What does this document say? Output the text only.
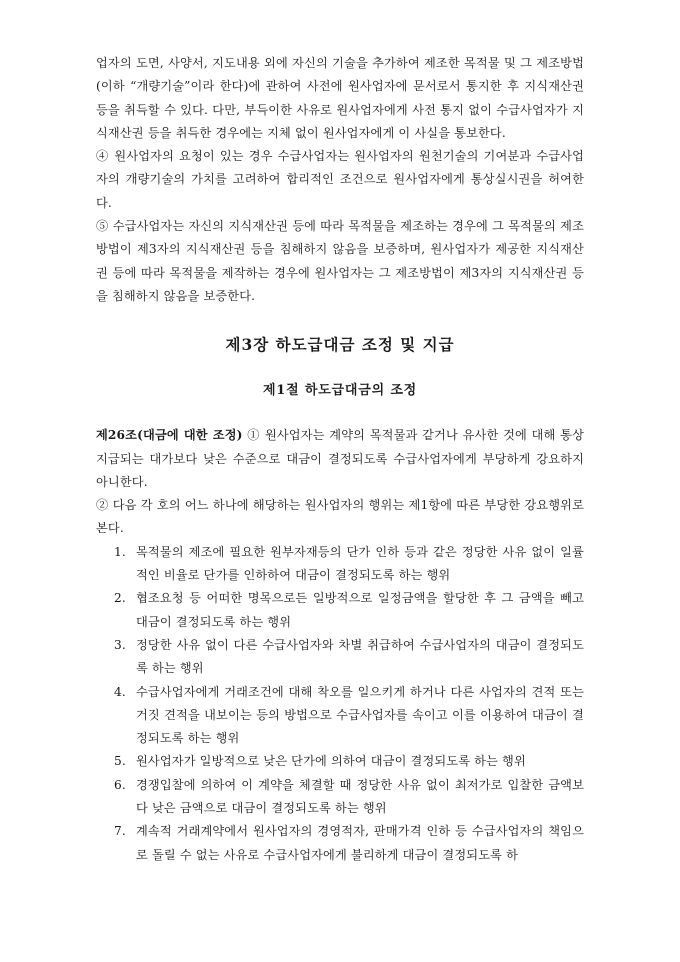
업자의 도면, 사양서, 지도내용 외에 자신의 기술을 추가하여 제조한 목적물 및 그 제조방법(이하 “개량기술”이라 한다)에 관하여 사전에 원사업자에 문서로서 통지한 후 지식재산권 등을 취득할 수 있다. 다만, 부득이한 사유로 원사업자에게 사전 통지 없이 수급사업자가 지식재산권 등을 취득한 경우에는 지체 없이 원사업자에게 이 사실을 통보한다.

④ 원사업자의 요청이 있는 경우 수급사업자는 원사업자의 원천기술의 기여분과 수급사업자의 개량기술의 가치를 고려하여 합리적인 조건으로 원사업자에게 통상실시권을 허여한다.

⑤ 수급사업자는 자신의 지식재산권 등에 따라 목적물을 제조하는 경우에 그 목적물의 제조방법이 제3자의 지식재산권 등을 침해하지 않음을 보증하며, 원사업자가 제공한 지식재산권 등에 따라 목적물을 제작하는 경우에 원사업자는 그 제조방법이 제3자의 지식재산권 등을 침해하지 않음을 보증한다.

제3장 하도급대금 조정 및 지급
제1절 하도급대금의 조정

제26조(대금에 대한 조정) ① 원사업자는 계약의 목적물과 같거나 유사한 것에 대해 통상 지급되는 대가보다 낮은 수준으로 대금이 결정되도록 수급사업자에게 부당하게 강요하지 아니한다.

② 다음 각 호의 어느 하나에 해당하는 원사업자의 행위는 제1항에 따른 부당한 강요행위로 본다.

1. 목적물의 제조에 필요한 원부자재등의 단가 인하 등과 같은 정당한 사유 없이 일률적인 비율로 단가를 인하하여 대금이 결정되도록 하는 행위
2. 협조요청 등 어떠한 명목으로든 일방적으로 일정금액을 할당한 후 그 금액을 빼고 대금이 결정되도록 하는 행위
3. 정당한 사유 없이 다른 수급사업자와 차별 취급하여 수급사업자의 대금이 결정되도록 하는 행위
4. 수급사업자에게 거래조건에 대해 착오를 일으키게 하거나 다른 사업자의 견적 또는 거짓 견적을 내보이는 등의 방법으로 수급사업자를 속이고 이를 이용하여 대금이 결정되도록 하는 행위
5. 원사업자가 일방적으로 낮은 단가에 의하여 대금이 결정되도록 하는 행위
6. 경쟁입찰에 의하여 이 계약을 체결할 때 정당한 사유 없이 최저가로 입찰한 금액보다 낮은 금액으로 대금이 결정되도록 하는 행위
7. 계속적 거래계약에서 원사업자의 경영적자, 판매가격 인하 등 수급사업자의 책임으로 돌릴 수 없는 사유로 수급사업자에게 불리하게 대금이 결정되도록 하
